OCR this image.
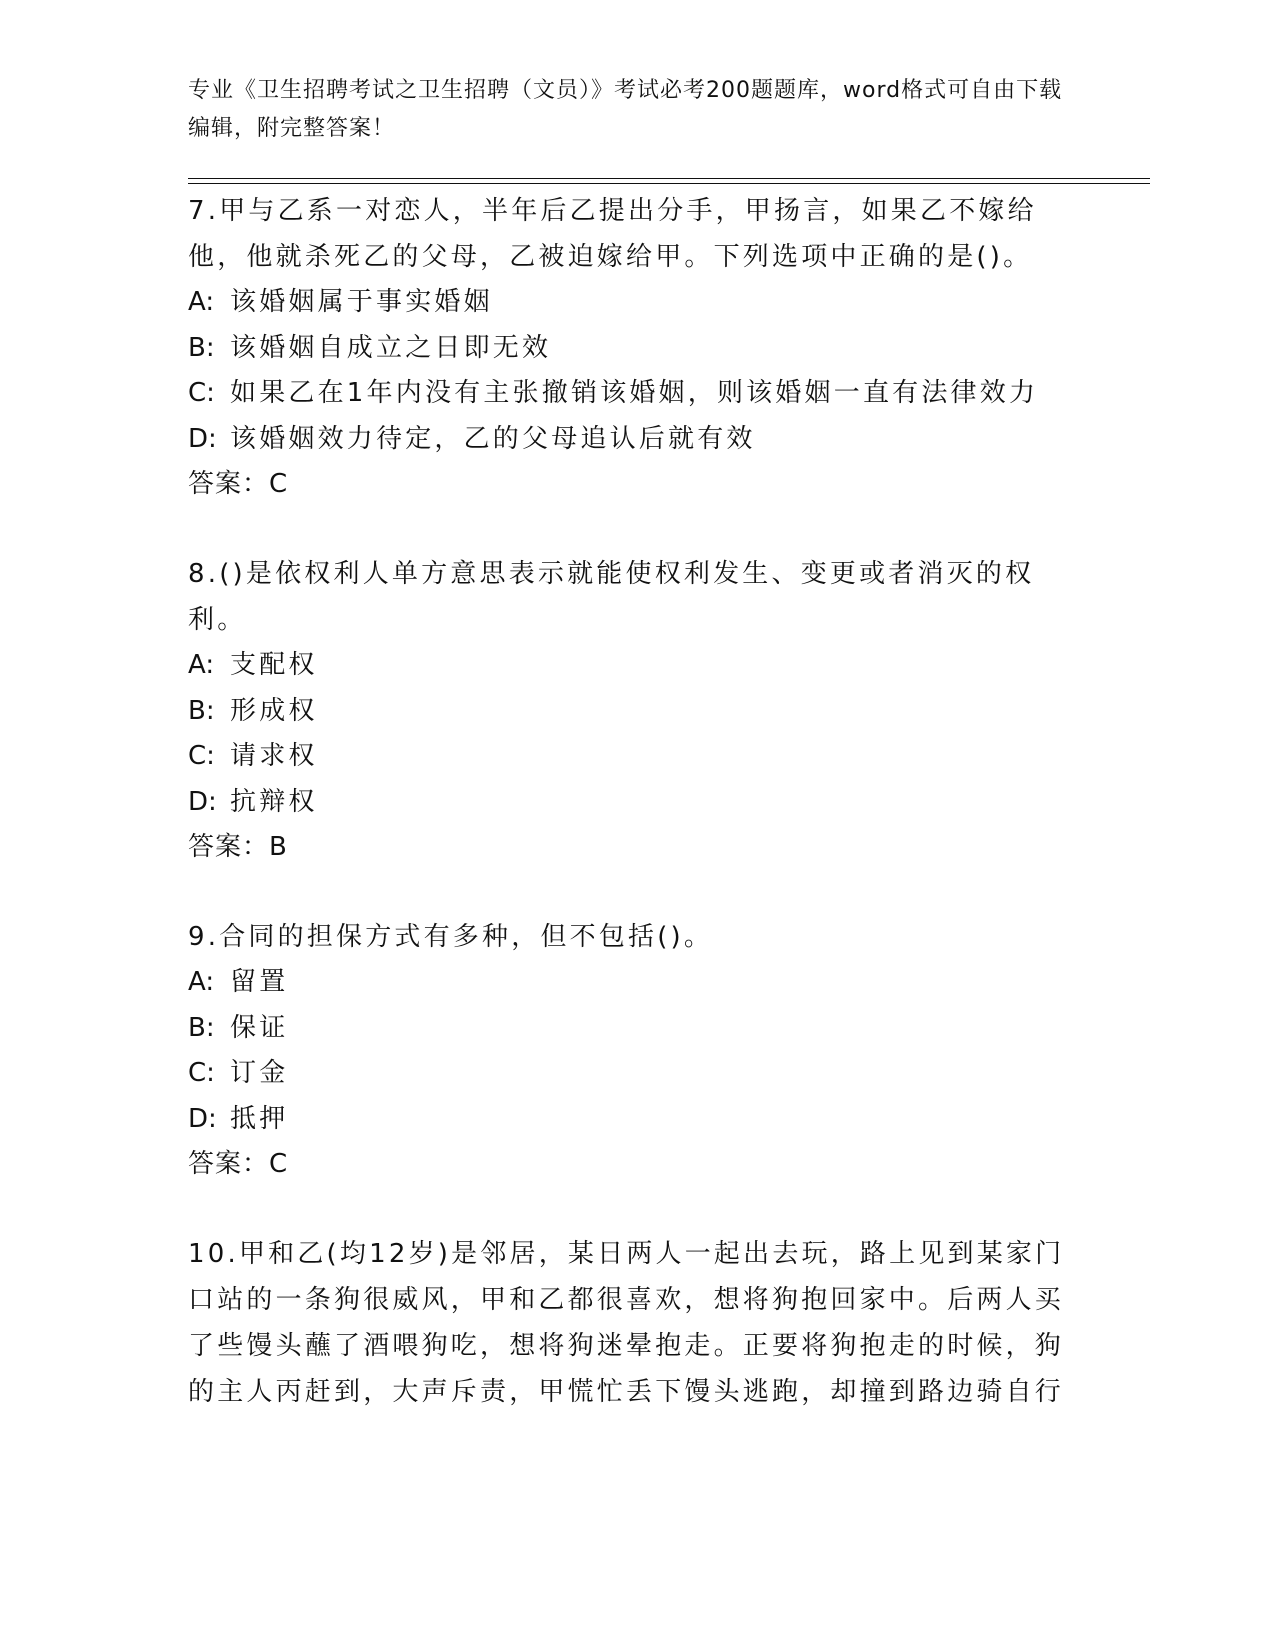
专业《卫生招聘考试之卫生招聘（文员）》考试必考200题题库，word格式可自由下载编辑，附完整答案！
7.甲与乙系一对恋人，半年后乙提出分手，甲扬言，如果乙不嫁给他，他就杀死乙的父母，乙被迫嫁给甲。下列选项中正确的是()。
A: 该婚姻属于事实婚姻
B: 该婚姻自成立之日即无效
C: 如果乙在1年内没有主张撤销该婚姻，则该婚姻一直有法律效力
D: 该婚姻效力待定，乙的父母追认后就有效
答案：C
8.()是依权利人单方意思表示就能使权利发生、变更或者消灭的权利。
A: 支配权
B: 形成权
C: 请求权
D: 抗辩权
答案：B
9.合同的担保方式有多种，但不包括()。
A: 留置
B: 保证
C: 订金
D: 抵押
答案：C
10.甲和乙(均12岁)是邻居，某日两人一起出去玩，路上见到某家门口站的一条狗很威风，甲和乙都很喜欢，想将狗抱回家中。后两人买了些馒头蘸了酒喂狗吃，想将狗迷晕抱走。正要将狗抱走的时候，狗的主人丙赶到，大声斥责，甲慌忙丢下馒头逃跑，却撞到路边骑自行
